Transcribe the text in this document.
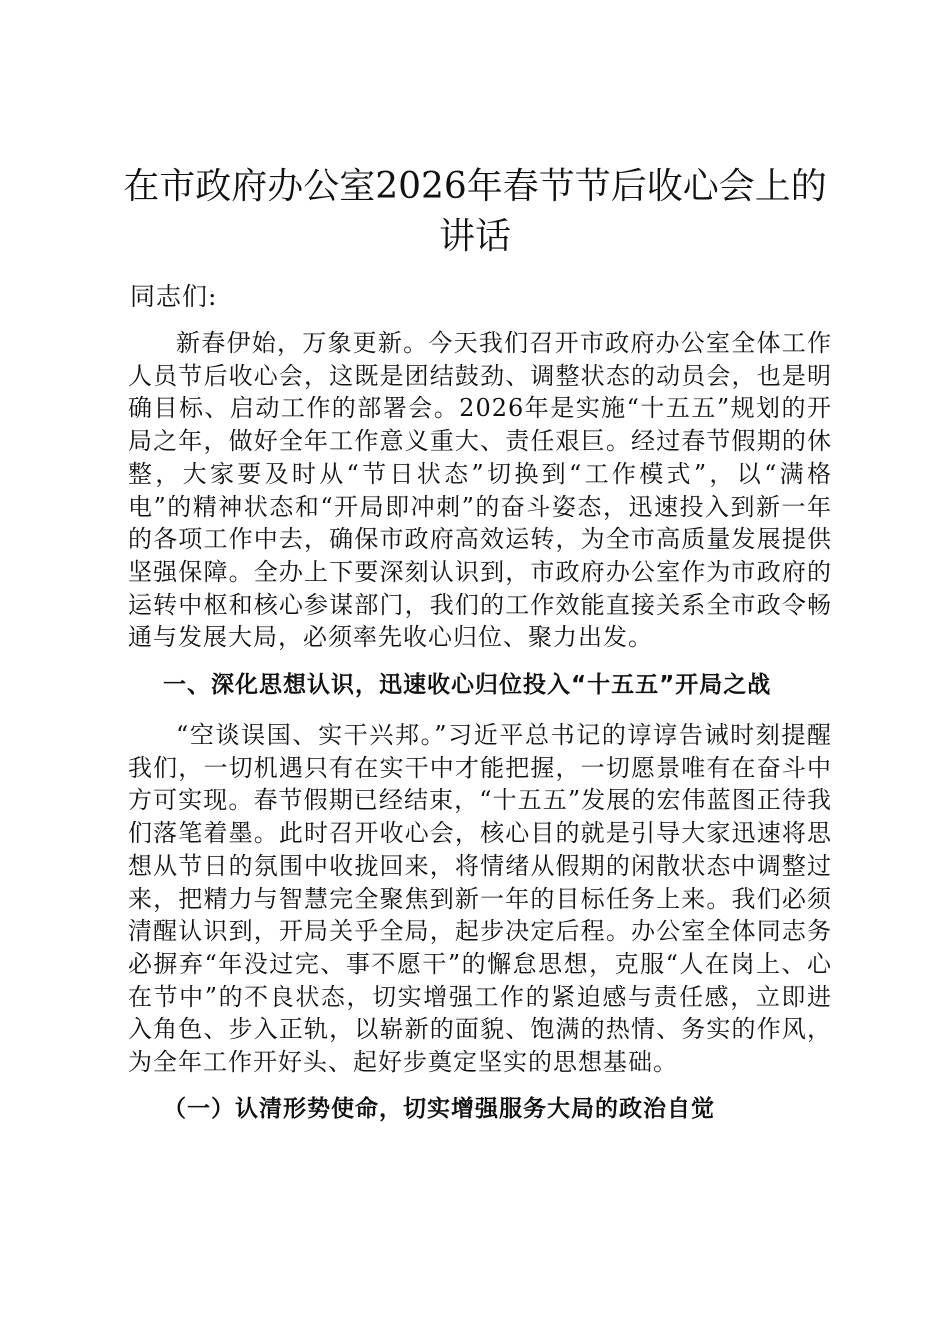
在市政府办公室2026年春节节后收心会上的讲话

同志们:

新春伊始，万象更新。今天我们召开市政府办公室全体工作人员节后收心会，这既是团结鼓劲、调整状态的动员会，也是明确目标、启动工作的部署会。2026年是实施“十五五”规划的开局之年，做好全年工作意义重大、责任艰巨。经过春节假期的休整，大家要及时从“节日状态”切换到“工作模式”，以“满格电”的精神状态和“开局即冲刺”的奋斗姿态，迅速投入到新一年的各项工作中去，确保市政府高效运转，为全市高质量发展提供坚强保障。全办上下要深刻认识到，市政府办公室作为市政府的运转中枢和核心参谋部门，我们的工作效能直接关系全市政令畅通与发展大局，必须率先收心归位、聚力出发。

一、深化思想认识，迅速收心归位投入“十五五”开局之战

“空谈误国、实干兴邦。”习近平总书记的谆谆告诫时刻提醒我们，一切机遇只有在实干中才能把握，一切愿景唯有在奋斗中方可实现。春节假期已经结束，“十五五”发展的宏伟蓝图正待我们落笔着墨。此时召开收心会，核心目的就是引导大家迅速将思想从节日的氛围中收拢回来，将情绪从假期的闲散状态中调整过来，把精力与智慧完全聚焦到新一年的目标任务上来。我们必须清醒认识到，开局关乎全局，起步决定后程。办公室全体同志务必摒弃“年没过完、事不愿干”的懈怠思想，克服“人在岗上、心在节中”的不良状态，切实增强工作的紧迫感与责任感，立即进入角色、步入正轨，以崭新的面貌、饱满的热情、务实的作风，为全年工作开好头、起好步奠定坚实的思想基础。

（一）认清形势使命，切实增强服务大局的政治自觉
